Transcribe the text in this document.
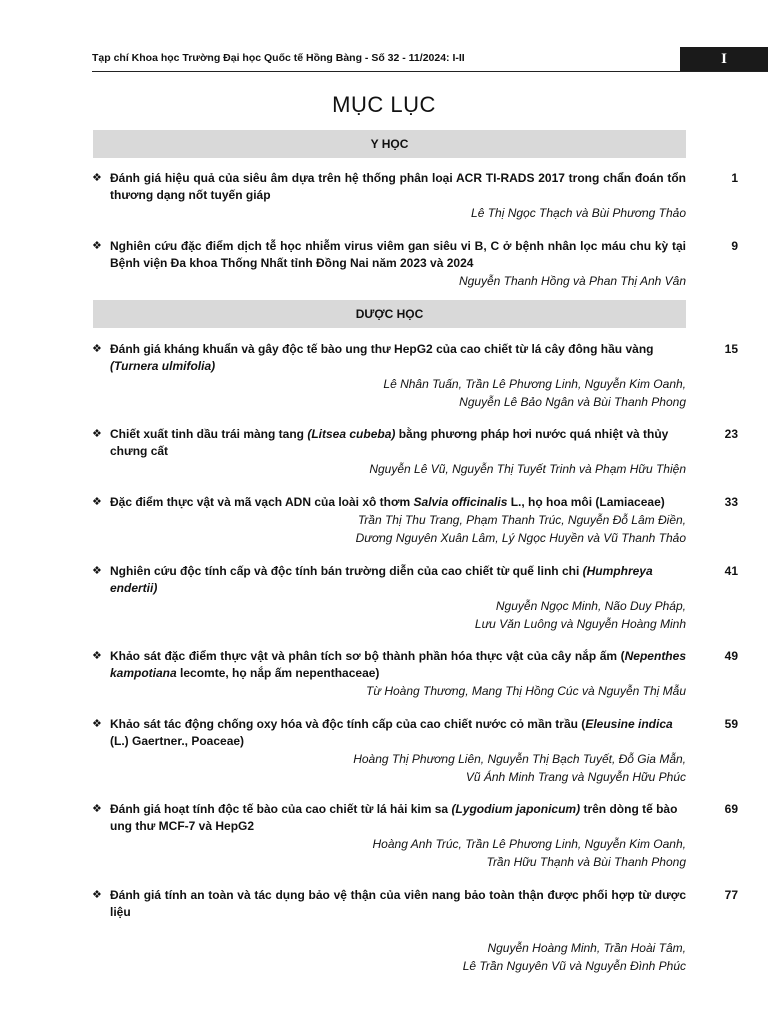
Tạp chí Khoa học Trường Đại học Quốc tế Hồng Bàng - Số 32 - 11/2024: I-II	I
MỤC LỤC
Y HỌC
❖ Đánh giá hiệu quả của siêu âm dựa trên hệ thống phân loại ACR TI-RADS 2017 trong chẩn đoán tổn thương dạng nốt tuyến giáp
1
Lê Thị Ngọc Thạch và Bùi Phương Thảo
❖ Nghiên cứu đặc điểm dịch tễ học nhiễm virus viêm gan siêu vi B, C ở bệnh nhân lọc máu chu kỳ tại Bệnh viện Đa khoa Thống Nhất tỉnh Đồng Nai năm 2023 và 2024
9
Nguyễn Thanh Hồng và Phan Thị Anh Vân
DƯỢC HỌC
❖ Đánh giá kháng khuẩn và gây độc tế bào ung thư HepG2 của cao chiết từ lá cây đông hầu vàng (Turnera ulmifolia)
15
Lê Nhân Tuấn, Trần Lê Phương Linh, Nguyễn Kim Oanh,
Nguyễn Lê Bảo Ngân và Bùi Thanh Phong
❖ Chiết xuất tinh dầu trái màng tang (Litsea cubeba) bằng phương pháp hơi nước quá nhiệt và thủy chưng cất
23
Nguyễn Lê Vũ, Nguyễn Thị Tuyết Trinh và Phạm Hữu Thiện
❖ Đặc điểm thực vật và mã vạch ADN của loài xô thơm Salvia officinalis L., họ hoa môi (Lamiaceae)	33
Trần Thị Thu Trang, Phạm Thanh Trúc, Nguyễn Đỗ Lâm Điền,
Dương Nguyên Xuân Lâm, Lý Ngọc Huyền và Vũ Thanh Thảo
❖ Nghiên cứu độc tính cấp và độc tính bán trường diễn của cao chiết từ quế linh chi (Humphreya endertii)
41
Nguyễn Ngọc Minh, Não Duy Pháp,
Lưu Văn Luông và Nguyễn Hoàng Minh
❖ Khảo sát đặc điểm thực vật và phân tích sơ bộ thành phần hóa thực vật của cây nắp ấm (Nepenthes kampotiana lecomte, họ nắp ấm nepenthaceae)
49
Từ Hoàng Thương, Mang Thị Hồng Cúc và Nguyễn Thị Mẫu
❖ Khảo sát tác động chống oxy hóa và độc tính cấp của cao chiết nước cỏ mần trầu (Eleusine indica (L.) Gaertner., Poaceae)
59
Hoàng Thị Phương Liên, Nguyễn Thị Bạch Tuyết, Đỗ Gia Mẫn,
Vũ Ánh Minh Trang và Nguyễn Hữu Phúc
❖ Đánh giá hoạt tính độc tế bào của cao chiết từ lá hải kim sa (Lygodium japonicum) trên dòng tế bào ung thư MCF-7 và HepG2
69
Hoàng Anh Trúc, Trần Lê Phương Linh, Nguyễn Kim Oanh,
Trần Hữu Thạnh và Bùi Thanh Phong
❖ Đánh giá tính an toàn và tác dụng bảo vệ thận của viên nang bảo toàn thận được phối hợp từ dược liệu
77

Nguyễn Hoàng Minh, Trần Hoài Tâm,
Lê Trần Nguyên Vũ và Nguyễn Đình Phúc
